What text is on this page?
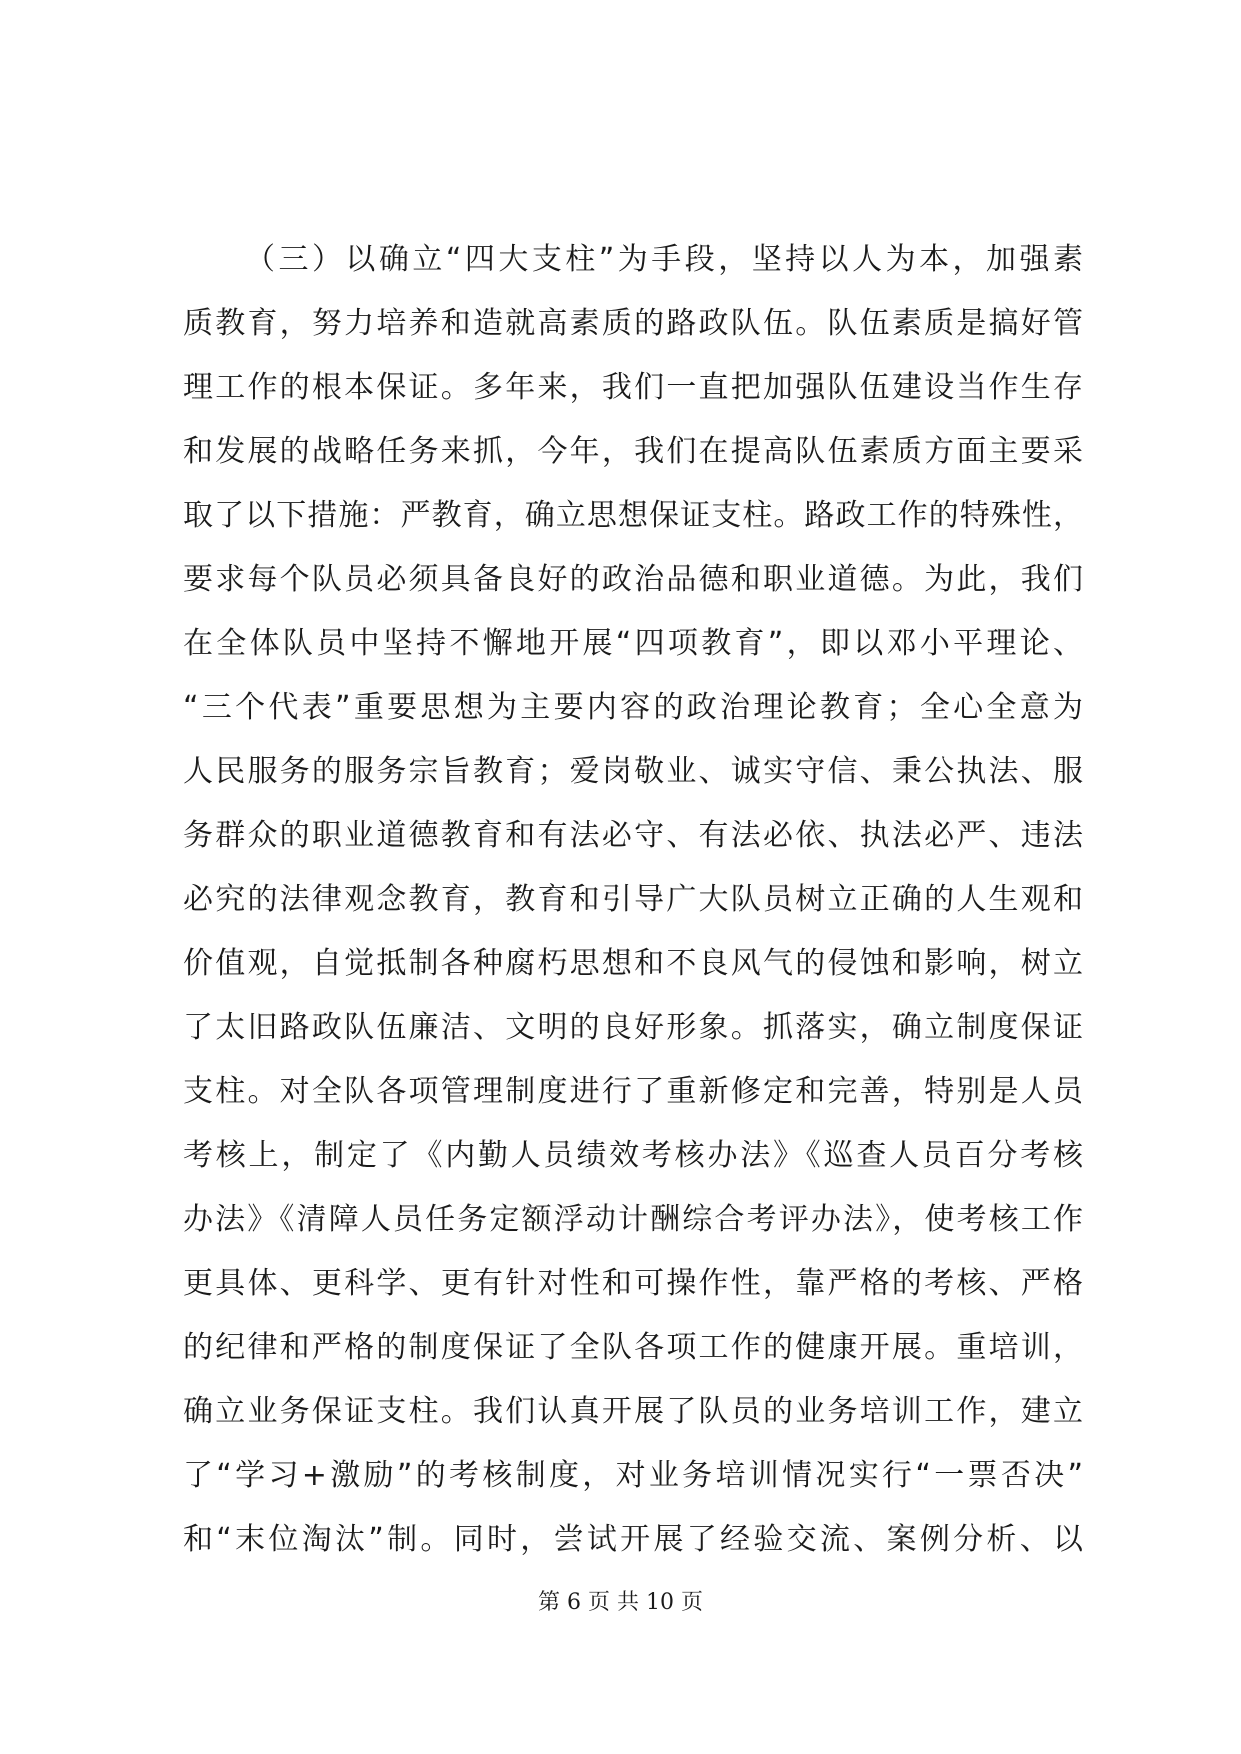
（三）以确立“四大支柱”为手段，坚持以人为本，加强素
质教育，努力培养和造就高素质的路政队伍。队伍素质是搞好管
理工作的根本保证。多年来，我们一直把加强队伍建设当作生存
和发展的战略任务来抓，今年，我们在提高队伍素质方面主要采
取了以下措施：严教育，确立思想保证支柱。路政工作的特殊性，
要求每个队员必须具备良好的政治品德和职业道德。为此，我们
在全体队员中坚持不懈地开展“四项教育”，即以邓小平理论、
“三个代表”重要思想为主要内容的政治理论教育；全心全意为
人民服务的服务宗旨教育；爱岗敬业、诚实守信、秉公执法、服
务群众的职业道德教育和有法必守、有法必依、执法必严、违法
必究的法律观念教育，教育和引导广大队员树立正确的人生观和
价值观，自觉抵制各种腐朽思想和不良风气的侵蚀和影响，树立
了太旧路政队伍廉洁、文明的良好形象。抓落实，确立制度保证
支柱。对全队各项管理制度进行了重新修定和完善，特别是人员
考核上，制定了《内勤人员绩效考核办法》《巡查人员百分考核
办法》《清障人员任务定额浮动计酬综合考评办法》，使考核工作
更具体、更科学、更有针对性和可操作性，靠严格的考核、严格
的纪律和严格的制度保证了全队各项工作的健康开展。重培训，
确立业务保证支柱。我们认真开展了队员的业务培训工作，建立
了“学习+激励”的考核制度，对业务培训情况实行“一票否决”
和“末位淘汰”制。同时，尝试开展了经验交流、案例分析、以
第 6 页 共 10 页
